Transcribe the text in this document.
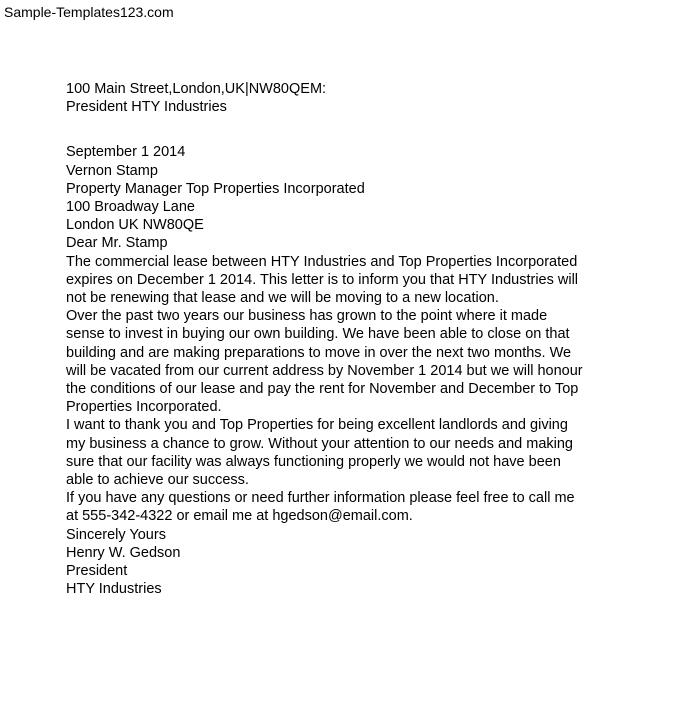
Sample-Templates123.com
100 Main Street,London,UK|NW80QEM:
President HTY Industries
September 1 2014
Vernon Stamp
Property Manager Top Properties Incorporated
100 Broadway Lane
London UK NW80QE
Dear Mr. Stamp
The commercial lease between HTY Industries and Top Properties Incorporated
expires on December 1 2014. This letter is to inform you that HTY Industries will
not be renewing that lease and we will be moving to a new location.
Over the past two years our business has grown to the point where it made
sense to invest in buying our own building. We have been able to close on that
building and are making preparations to move in over the next two months. We
will be vacated from our current address by November 1 2014 but we will honour
the conditions of our lease and pay the rent for November and December to Top
Properties Incorporated.
I want to thank you and Top Properties for being excellent landlords and giving
my business a chance to grow. Without your attention to our needs and making
sure that our facility was always functioning properly we would not have been
able to achieve our success.
If you have any questions or need further information please feel free to call me
at 555-342-4322 or email me at hgedson@email.com.
Sincerely Yours
Henry W. Gedson
President
HTY Industries
